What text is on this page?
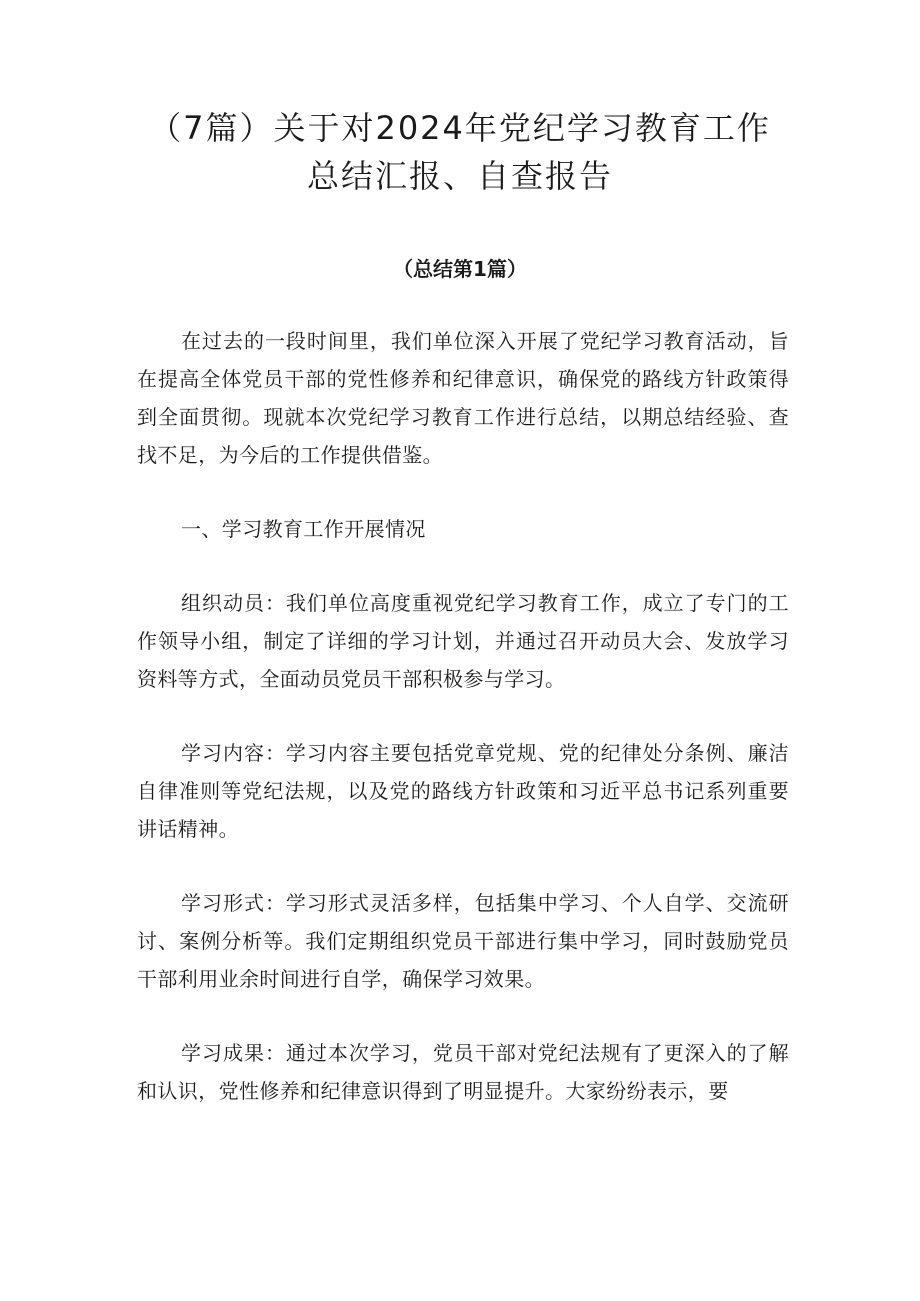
（7篇）关于对2024年党纪学习教育工作
总结汇报、自查报告
（总结第1篇）

在过去的一段时间里，我们单位深入开展了党纪学习教育活动，旨在提高全体党员干部的党性修养和纪律意识，确保党的路线方针政策得到全面贯彻。现就本次党纪学习教育工作进行总结，以期总结经验、查找不足，为今后的工作提供借鉴。

一、学习教育工作开展情况

组织动员：我们单位高度重视党纪学习教育工作，成立了专门的工作领导小组，制定了详细的学习计划，并通过召开动员大会、发放学习资料等方式，全面动员党员干部积极参与学习。

学习内容：学习内容主要包括党章党规、党的纪律处分条例、廉洁自律准则等党纪法规，以及党的路线方针政策和习近平总书记系列重要讲话精神。

学习形式：学习形式灵活多样，包括集中学习、个人自学、交流研讨、案例分析等。我们定期组织党员干部进行集中学习，同时鼓励党员干部利用业余时间进行自学，确保学习效果。

学习成果：通过本次学习，党员干部对党纪法规有了更深入的了解和认识，党性修养和纪律意识得到了明显提升。大家纷纷表示，要
